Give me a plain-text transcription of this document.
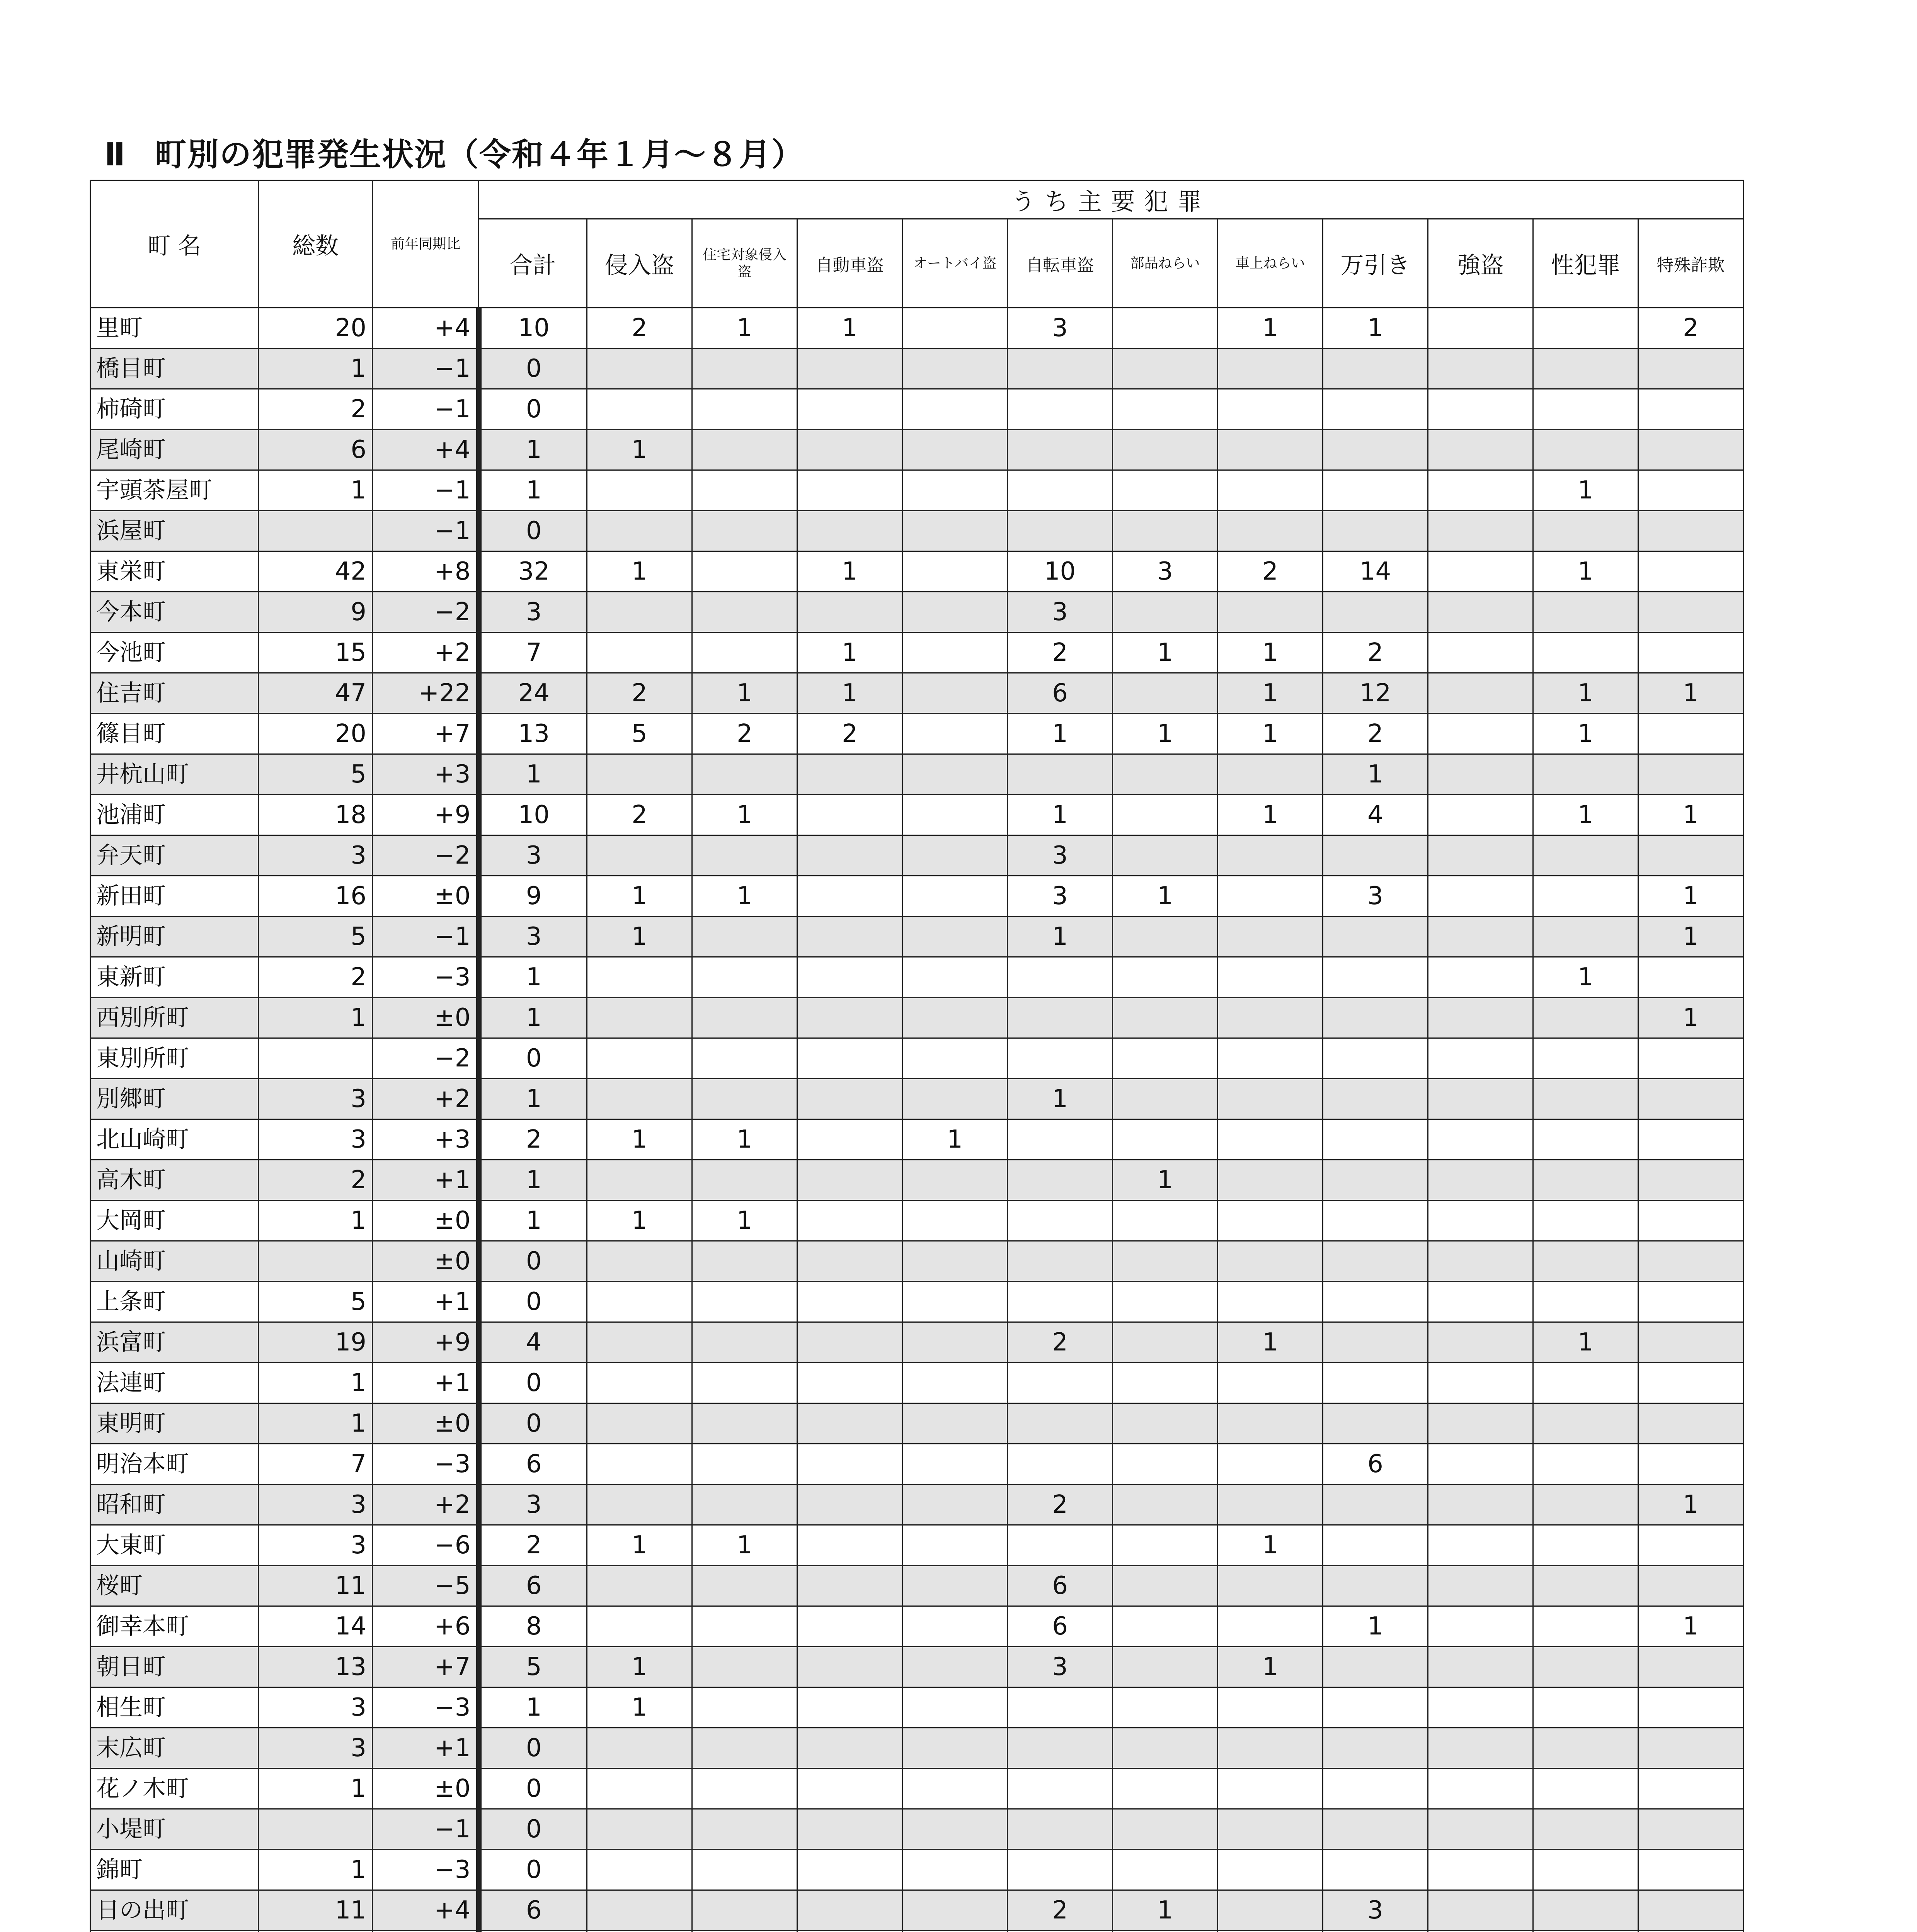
Ⅱ 町別の犯罪発生状況（令和４年１月～８月）
町 名	総数	前年同期比	うち主要犯罪											
			合計	侵入盗	住宅対象侵入盗	自動車盗	オートバイ盗	自転車盗	部品ねらい	車上ねらい	万引き	強盗	性犯罪	特殊詐欺
里町	20	+4	10	2	1	1		3		1	1			2
橋目町	1	−1	0											
柿碕町	2	−1	0											
尾崎町	6	+4	1	1										
宇頭茶屋町	1	−1	1										1	
浜屋町		−1	0											
東栄町	42	+8	32	1		1		10	3	2	14		1	
今本町	9	−2	3					3						
今池町	15	+2	7			1		2	1	1	2			
住吉町	47	+22	24	2	1	1		6		1	12		1	1
篠目町	20	+7	13	5	2	2		1	1	1	2		1	
井杭山町	5	+3	1								1			
池浦町	18	+9	10	2	1			1		1	4		1	1
弁天町	3	−2	3					3						
新田町	16	±0	9	1	1			3	1		3			1
新明町	5	−1	3	1				1						1
東新町	2	−3	1										1	
西別所町	1	±0	1											1
東別所町		−2	0											
別郷町	3	+2	1					1						
北山崎町	3	+3	2	1	1		1							
高木町	2	+1	1						1					
大岡町	1	±0	1	1	1									
山崎町		±0	0											
上条町	5	+1	0											
浜富町	19	+9	4					2		1			1	
法連町	1	+1	0											
東明町	1	±0	0											
明治本町	7	−3	6								6			
昭和町	3	+2	3					2						1
大東町	3	−6	2	1	1					1				
桜町	11	−5	6					6						
御幸本町	14	+6	8					6			1			1
朝日町	13	+7	5	1				3		1				
相生町	3	−3	1	1										
末広町	3	+1	0											
花ノ木町	1	±0	0											
小堤町		−1	0											
錦町	1	−3	0											
日の出町	11	+4	6					2	1		3			
